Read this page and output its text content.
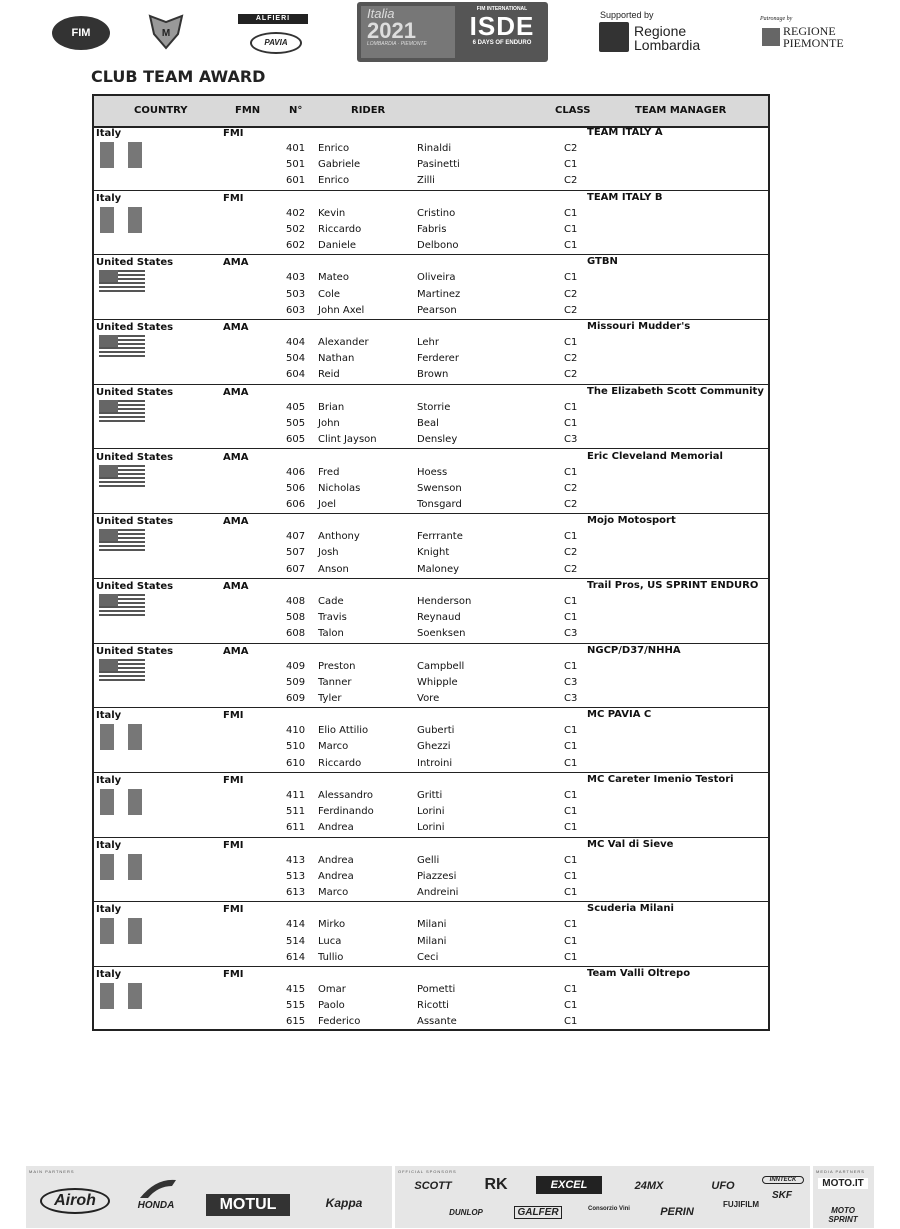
FIM	M
ALFIERI
PAVIA
Italia
2021
LOMBARDIA · PIEMONTE
FIM INTERNATIONAL
ISDE
6 DAYS OF ENDURO
Supported by
Regione
Lombardia
Patronage by
REGIONE
PIEMONTE
CLUB TEAM AWARD
COUNTRY	FMN	N°	RIDER	CLASS	TEAM MANAGER
Italy	FMI	TEAM ITALY A
401 Enrico	Rinaldi	C2
501 Gabriele	Pasinetti	C1
601 Enrico	Zilli	C2
Italy	FMI	TEAM ITALY B
402 Kevin	Cristino	C1
502 Riccardo	Fabris	C1
602 Daniele	Delbono	C1
United States	AMA	GTBN
403 Mateo	Oliveira	C1
503 Cole	Martinez	C2
603 John Axel	Pearson	C2
United States	AMA	Missouri Mudder's
404 Alexander	Lehr	C1
504 Nathan	Ferderer	C2
604 Reid	Brown	C2
United States	AMA	The Elizabeth Scott Community
405 Brian	Storrie	C1
505 John	Beal	C1
605 Clint Jayson	Densley	C3
United States	AMA	Eric Cleveland Memorial
406 Fred	Hoess	C1
506 Nicholas	Swenson	C2
606 Joel	Tonsgard	C2
United States	AMA	Mojo Motosport
407 Anthony	Ferrrante	C1
507 Josh	Knight	C2
607 Anson	Maloney	C2
United States	AMA	Trail Pros, US SPRINT ENDURO
408 Cade	Henderson	C1
508 Travis	Reynaud	C1
608 Talon	Soenksen	C3
United States	AMA	NGCP/D37/NHHA
409 Preston	Campbell	C1
509 Tanner	Whipple	C3
609 Tyler	Vore	C3
Italy	FMI	MC PAVIA C
410 Elio Attilio	Guberti	C1
510 Marco	Ghezzi	C1
610 Riccardo	Introini	C1
Italy	FMI	MC Careter Imenio Testori
411 Alessandro	Gritti	C1
511 Ferdinando	Lorini	C1
611 Andrea	Lorini	C1
Italy	FMI	MC Val di Sieve
413 Andrea	Gelli	C1
513 Andrea	Piazzesi	C1
613 Marco	Andreini	C1
Italy	FMI	Scuderia Milani
414 Mirko	Milani	C1
514 Luca	Milani	C1
614 Tullio	Ceci	C1
Italy	FMI	Team Valli Oltrepo
415 Omar	Pometti	C1
515 Paolo	Ricotti	C1
615 Federico	Assante	C1
MAIN PARTNERS	OFFICIAL SPONSORS	MEDIA PARTNERS
Airoh	HONDA	MOTUL	Kappa
SCOTT	RK	EXCEL	24MX	UFO	INNTECK
DUNLOP	GALFER	Consorzio Vini	PERIN
FUJIFILM
SKF
MOTO.IT
MOTO SPRINT
